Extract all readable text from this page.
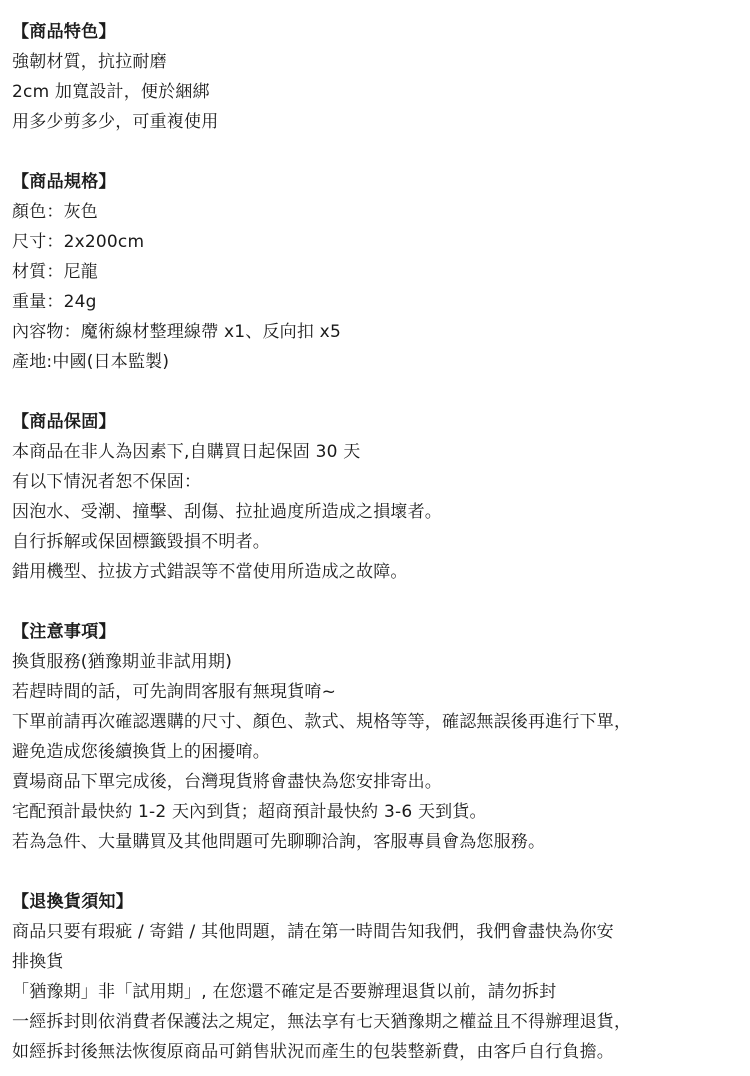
【商品特色】
強韌材質，抗拉耐磨
2cm 加寬設計，便於綑綁
用多少剪多少，可重複使用
【商品規格】
顏色：灰色
尺寸：2x200cm
材質：尼龍
重量：24g
內容物：魔術線材整理線帶 x1、反向扣 x5
產地:中國(日本監製)
【商品保固】
本商品在非人為因素下,自購買日起保固 30 天
有以下情況者恕不保固：
因泡水、受潮、撞擊、刮傷、拉扯過度所造成之損壞者。
自行拆解或保固標籤毀損不明者。
錯用機型、拉拔方式錯誤等不當使用所造成之故障。
【注意事項】
換貨服務(猶豫期並非試用期)
若趕時間的話，可先詢問客服有無現貨唷~
下單前請再次確認選購的尺寸、顏色、款式、規格等等，確認無誤後再進行下單，
避免造成您後續換貨上的困擾唷。
賣場商品下單完成後，台灣現貨將會盡快為您安排寄出。
宅配預計最快約 1-2 天內到貨；超商預計最快約 3-6 天到貨。
若為急件、大量購買及其他問題可先聊聊洽詢，客服專員會為您服務。
【退換貨須知】
商品只要有瑕疵 / 寄錯 / 其他問題，請在第一時間告知我們，我們會盡快為你安
排換貨
「猶豫期」非「試用期」, 在您還不確定是否要辦理退貨以前，請勿拆封
一經拆封則依消費者保護法之規定，無法享有七天猶豫期之權益且不得辦理退貨，
如經拆封後無法恢復原商品可銷售狀況而產生的包裝整新費，由客戶自行負擔。
